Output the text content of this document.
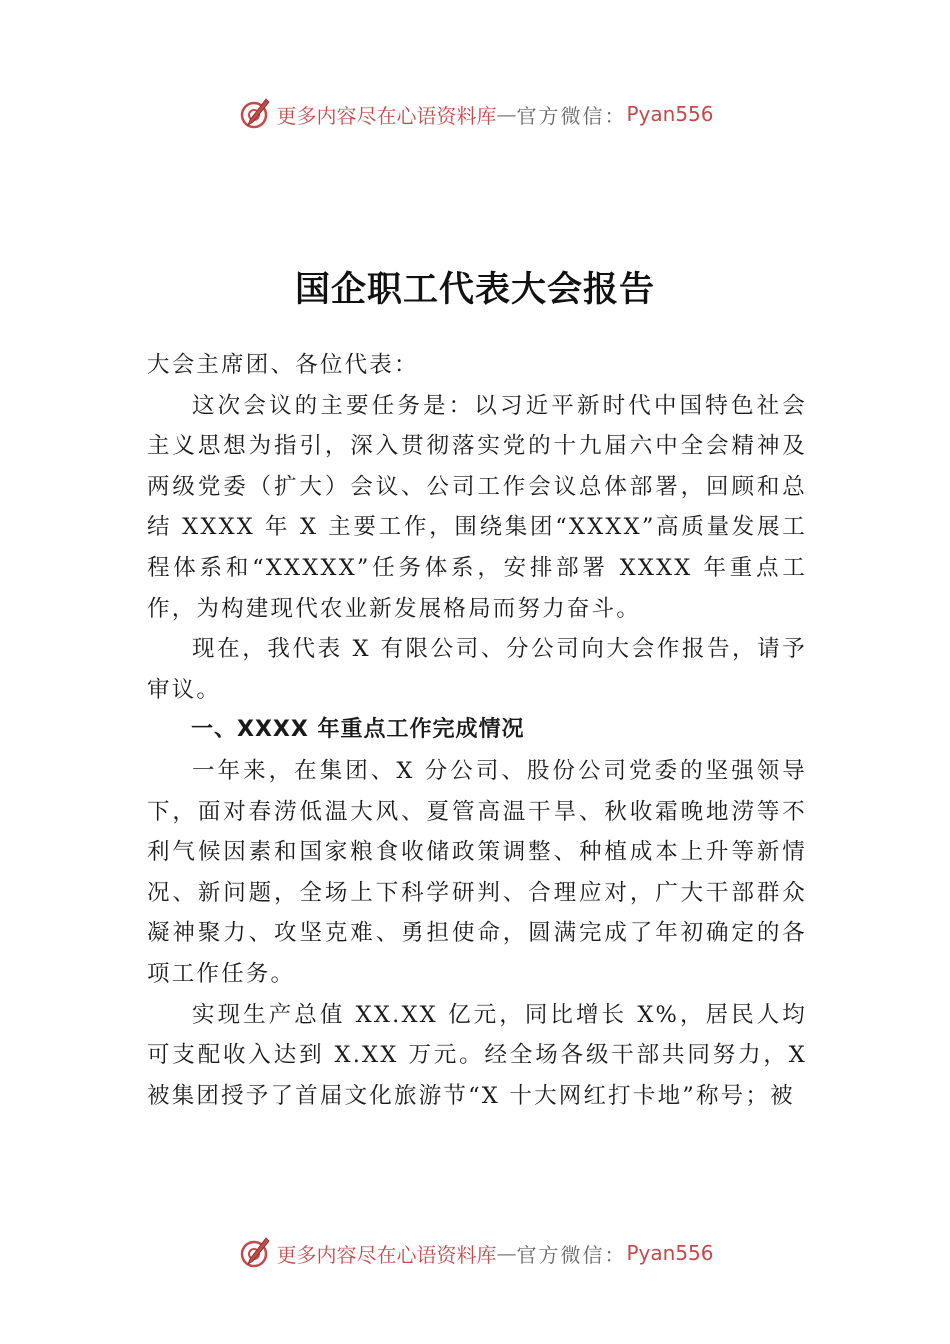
更多内容尽在心语资料库 — 官方微信： Pyan556
国企职工代表大会报告

大会主席团、各位代表：

这次会议的主要任务是：以习近平新时代中国特色社会主义思想为指引，深入贯彻落实党的十九届六中全会精神及两级党委（扩大）会议、公司工作会议总体部署，回顾和总结 XXXX 年 X 主要工作，围绕集团“XXXX”高质量发展工程体系和“XXXXX”任务体系，安排部署 XXXX 年重点工作，为构建现代农业新发展格局而努力奋斗。

现在，我代表 X 有限公司、分公司向大会作报告，请予审议。

一、XXXX 年重点工作完成情况

一年来，在集团、X 分公司、股份公司党委的坚强领导下，面对春涝低温大风、夏管高温干旱、秋收霜晚地涝等不利气候因素和国家粮食收储政策调整、种植成本上升等新情况、新问题，全场上下科学研判、合理应对，广大干部群众凝神聚力、攻坚克难、勇担使命，圆满完成了年初确定的各项工作任务。

实现生产总值 XX.XX 亿元，同比增长 X%，居民人均可支配收入达到 X.XX 万元。经全场各级干部共同努力，X 被集团授予了首届文化旅游节“X 十大网红打卡地”称号；被

更多内容尽在心语资料库 — 官方微信： Pyan556
